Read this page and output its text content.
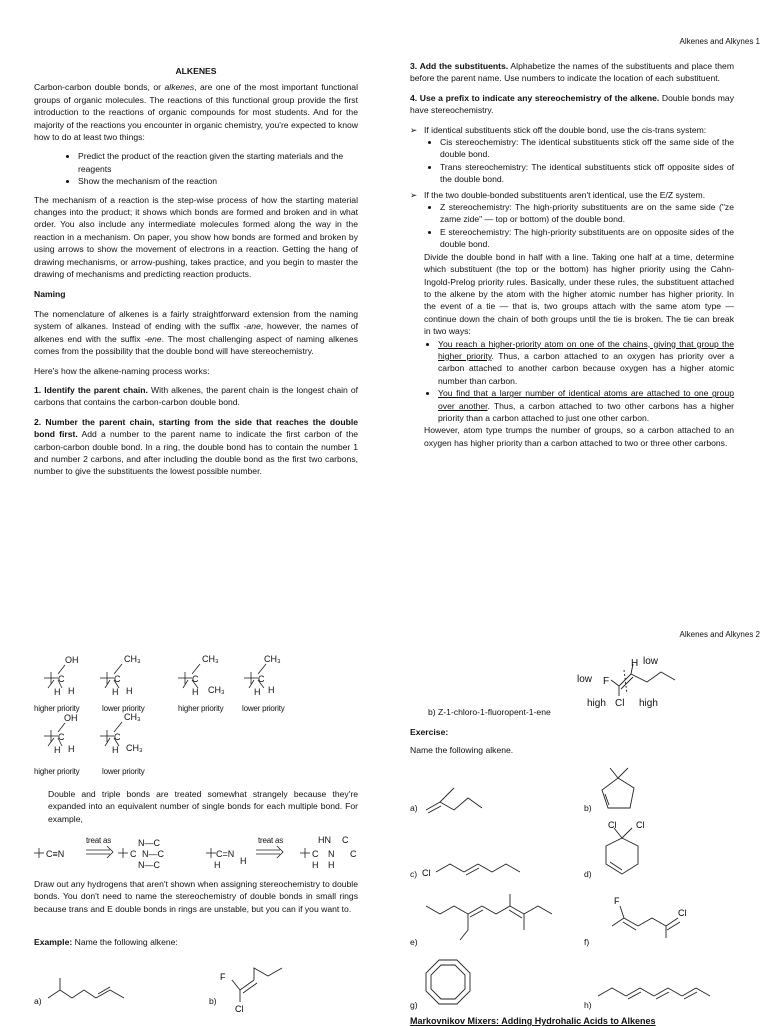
Alkenes and Alkynes 1
ALKENES

Carbon-carbon double bonds, or alkenes, are one of the most important functional groups of organic molecules. The reactions of this functional group provide the first introduction to the reactions of organic compounds for most students. And for the majority of the reactions you encounter in organic chemistry, you're expected to know how to do at least two things:

• Predict the product of the reaction given the starting materials and the reagents
• Show the mechanism of the reaction

The mechanism of a reaction is the step-wise process of how the starting material changes into the product; it shows which bonds are formed and broken and in what order. You also include any intermediate molecules formed along the way in the reaction in a mechanism. On paper, you show how bonds are formed and broken by using arrows to show the movement of electrons in a reaction. Getting the hang of drawing mechanisms, or arrow-pushing, takes practice, and you begin to master the drawing of mechanisms and predicting reaction products.

Naming

The nomenclature of alkenes is a fairly straightforward extension from the naming system of alkanes. Instead of ending with the suffix -ane, however, the names of alkenes end with the suffix -ene. The most challenging aspect of naming alkenes comes from the possibility that the double bond will have stereochemistry.

Here's how the alkene-naming process works:

1. Identify the parent chain. With alkenes, the parent chain is the longest chain of carbons that contains the carbon-carbon double bond.

2. Number the parent chain, starting from the side that reaches the double bond first. Add a number to the parent name to indicate the first carbon of the carbon-carbon double bond. In a ring, the double bond has to contain the number 1 and number 2 carbons, and after including the double bond as the first two carbons, number to give the substituents the lowest possible number.

3. Add the substituents. Alphabetize the names of the substituents and place them before the parent name. Use numbers to indicate the location of each substituent.

4. Use a prefix to indicate any stereochemistry of the alkene. Double bonds may have stereochemistry.

➢ If identical substituents stick off the double bond, use the cis-trans system:
• Cis stereochemistry: The identical substituents stick off the same side of the double bond.
• Trans stereochemistry: The identical substituents stick off opposite sides of the double bond.
➢ If the two double-bonded substituents aren't identical, use the E/Z system.
• Z stereochemistry: The high-priority substituents are on the same side ("ze zame zide" — top or bottom) of the double bond.
• E stereochemistry: The high-priority substituents are on opposite sides of the double bond.
Divide the double bond in half with a line. Taking one half at a time, determine which substituent (the top or the bottom) has higher priority using the Cahn-Ingold-Prelog priority rules. Basically, under these rules, the substituent attached to the alkene by the atom with the higher atomic number has higher priority. In the event of a tie — that is, two groups attach with the same atom type — continue down the chain of both groups until the tie is broken. The tie can break in two ways:
• You reach a higher-priority atom on one of the chains, giving that group the higher priority. Thus, a carbon attached to an oxygen has priority over a carbon attached to another carbon because oxygen has a higher atomic number than carbon.
• You find that a larger number of identical atoms are attached to one group over another. Thus, a carbon attached to two other carbons has a higher priority than a carbon attached to just one other carbon.
However, atom type trumps the number of groups, so a carbon attached to an oxygen has higher priority than a carbon attached to two or three other carbons.
Alkenes and Alkynes 2
OH
C
H H
CH₃
C
H H
CH₃
C
H CH₃
CH₃
C
H H
OH
C
H H
CH₃
C
H CH₃
higher priority	lower priority	higher priority lower priority
higher priority	lower priority
Double and triple bonds are treated somewhat strangely because they're expanded into an equivalent number of single bonds for each multiple bond. For example,
C≡N
treat as
C
N—C
N—C
N—C
C=N
H
H
treat as	HN C
C N C
H H
Draw out any hydrogens that aren't shown when assigning stereochemistry to double bonds. You don't need to name the stereochemistry of double bonds in small rings because trans and E double bonds in rings are unstable, but you can if you want to.
Example: Name the following alkene:
a)	b)
F
Cl
H low
low F
high Cl high
b) Z-1-chloro-1-fluoropent-1-ene
Exercise:
Name the following alkene.
a)	b)
c) Cl	d)
Cl Cl
e)	f)
F
Cl
g)	h)
Markovnikov Mixers: Adding Hydrohalic Acids to Alkenes
